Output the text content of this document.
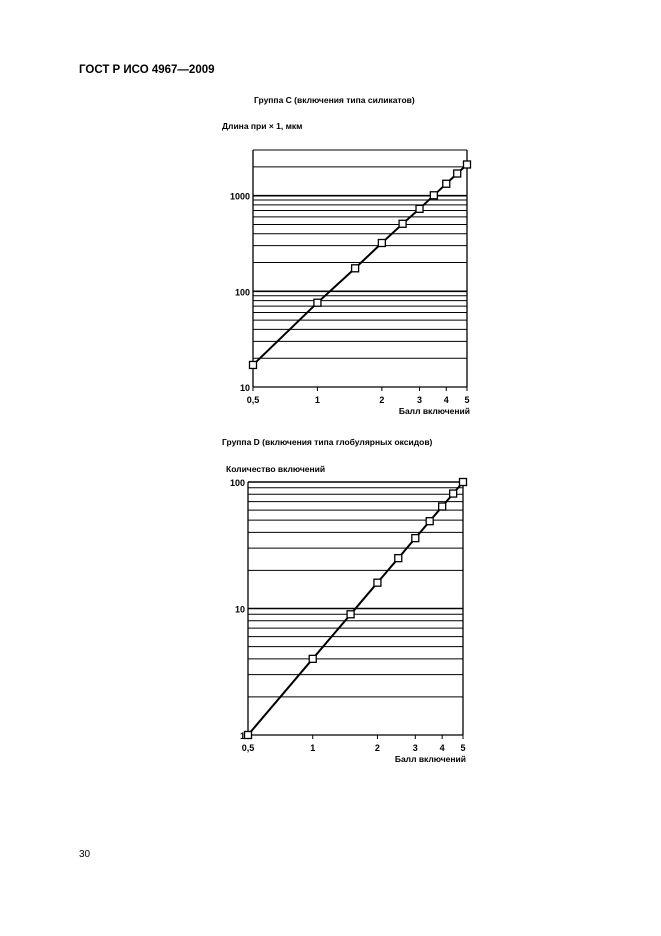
ГОСТ Р ИСО 4967—2009
Группа C (включения типа силикатов)
Группа D (включения типа глобулярных оксидов)
0,5	1	2	3 4 5
10
100
1000
Длина при × 1, мкм
Балл включений
0,5	1	2	3 4 5
1
10
100
Количество включений
Балл включений
30
